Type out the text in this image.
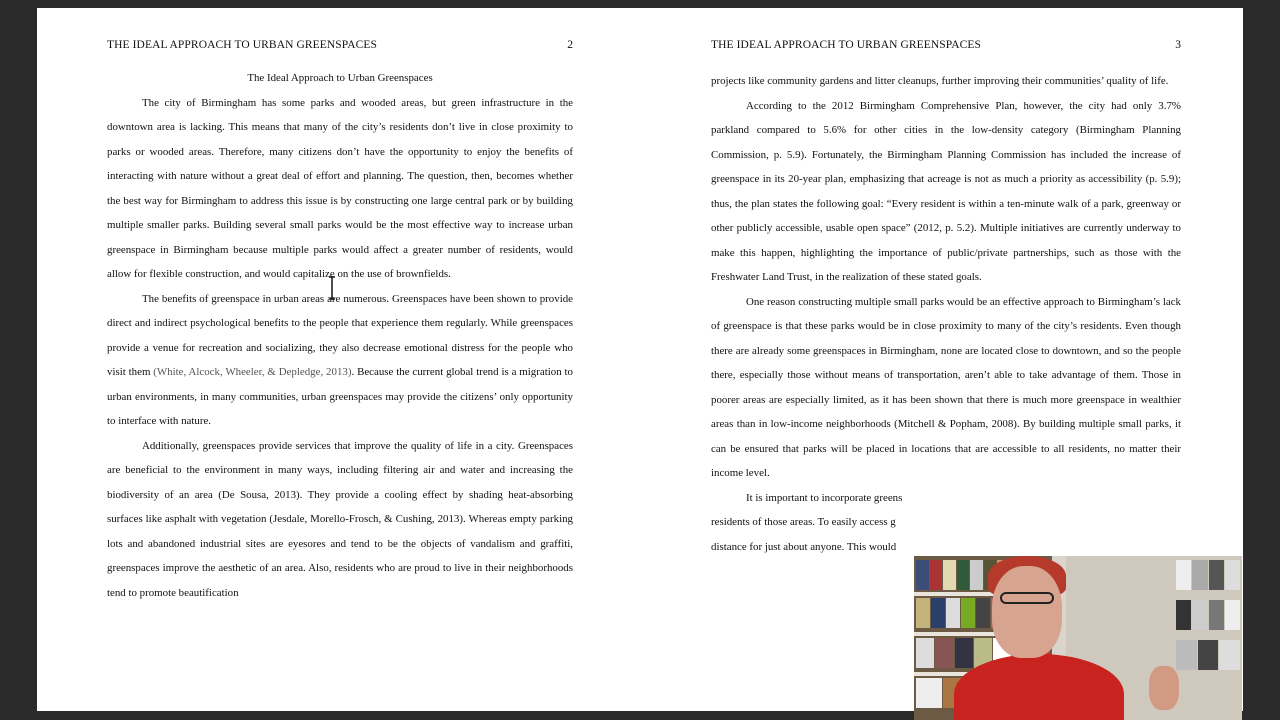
THE IDEAL APPROACH TO URBAN GREENSPACES	2

The Ideal Approach to Urban Greenspaces

The city of Birmingham has some parks and wooded areas, but green infrastructure in the downtown area is lacking. This means that many of the city’s residents don’t live in close proximity to parks or wooded areas. Therefore, many citizens don’t have the opportunity to enjoy the benefits of interacting with nature without a great deal of effort and planning. The question, then, becomes whether the best way for Birmingham to address this issue is by constructing one large central park or by building multiple smaller parks. Building several small parks would be the most effective way to increase urban greenspace in Birmingham because multiple parks would affect a greater number of residents, would allow for flexible construction, and would capitalize on the use of brownfields.

The benefits of greenspace in urban areas are numerous. Greenspaces have been shown to provide direct and indirect psychological benefits to the people that experience them regularly. While greenspaces provide a venue for recreation and socializing, they also decrease emotional distress for the people who visit them (White, Alcock, Wheeler, & Depledge, 2013). Because the current global trend is a migration to urban environments, in many communities, urban greenspaces may provide the citizens’ only opportunity to interface with nature.

Additionally, greenspaces provide services that improve the quality of life in a city. Greenspaces are beneficial to the environment in many ways, including filtering air and water and increasing the biodiversity of an area (De Sousa, 2013). They provide a cooling effect by shading heat-absorbing surfaces like asphalt with vegetation (Jesdale, Morello-Frosch, & Cushing, 2013). Whereas empty parking lots and abandoned industrial sites are eyesores and tend to be the objects of vandalism and graffiti, greenspaces improve the aesthetic of an area. Also, residents who are proud to live in their neighborhoods tend to promote beautification

THE IDEAL APPROACH TO URBAN GREENSPACES	3

projects like community gardens and litter cleanups, further improving their communities’ quality of life.

According to the 2012 Birmingham Comprehensive Plan, however, the city had only 3.7% parkland compared to 5.6% for other cities in the low-density category (Birmingham Planning Commission, p. 5.9). Fortunately, the Birmingham Planning Commission has included the increase of greenspace in its 20-year plan, emphasizing that acreage is not as much a priority as accessibility (p. 5.9); thus, the plan states the following goal: “Every resident is within a ten-minute walk of a park, greenway or other publicly accessible, usable open space” (2012, p. 5.2). Multiple initiatives are currently underway to make this happen, highlighting the importance of public/private partnerships, such as those with the Freshwater Land Trust, in the realization of these stated goals.

One reason constructing multiple small parks would be an effective approach to Birmingham’s lack of greenspace is that these parks would be in close proximity to many of the city’s residents. Even though there are already some greenspaces in Birmingham, none are located close to downtown, and so the people there, especially those without means of transportation, aren’t able to take advantage of them. Those in poorer areas are especially limited, as it has been shown that there is much more greenspace in wealthier areas than in low-income neighborhoods (Mitchell & Popham, 2008). By building multiple small parks, it can be ensured that parks will be placed in locations that are accessible to all residents, no matter their income level.

It is important to incorporate greens

residents of those areas. To easily access g

distance for just about anyone. This would
